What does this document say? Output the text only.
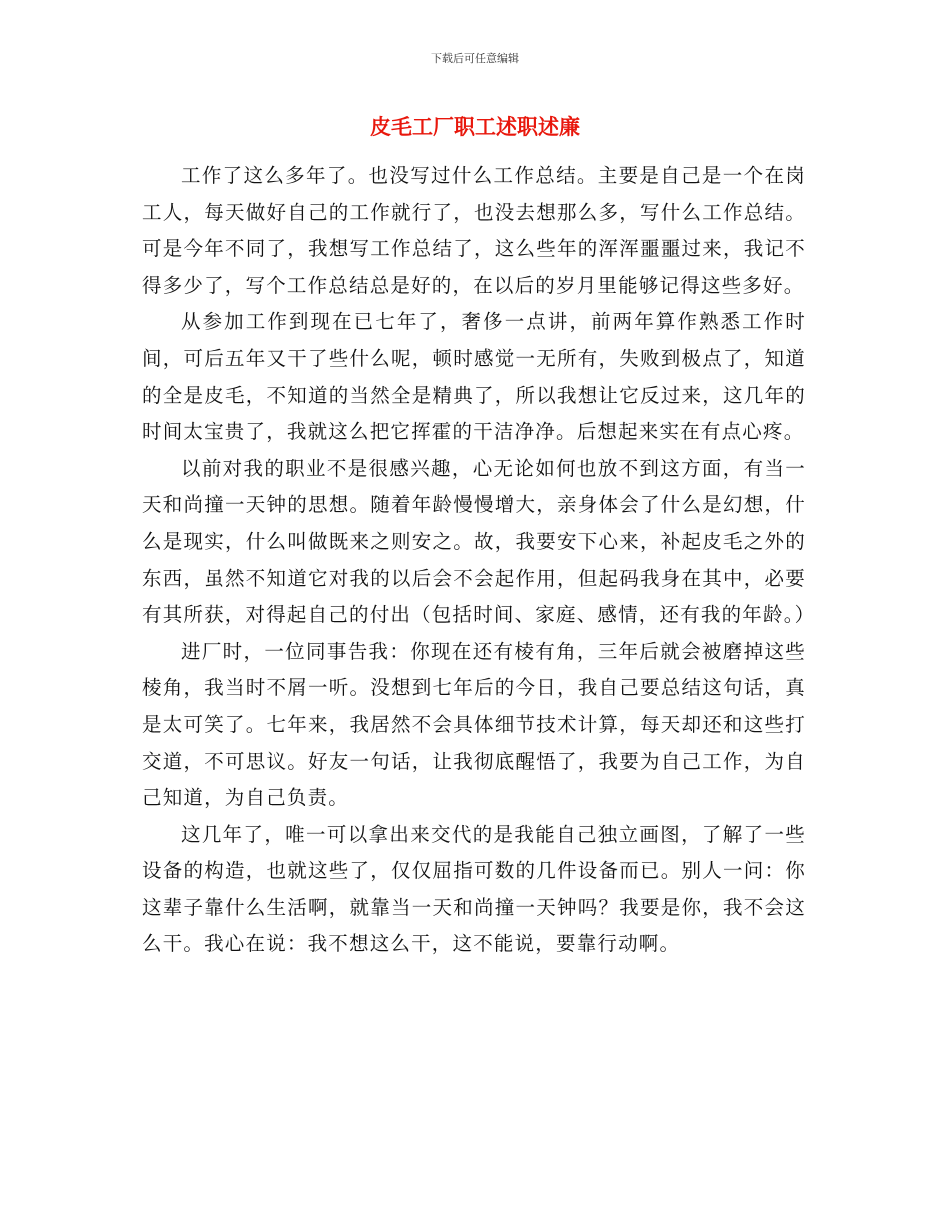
下载后可任意编辑
皮毛工厂职工述职述廉

工作了这么多年了。也没写过什么工作总结。主要是自己是一个在岗工人，每天做好自己的工作就行了，也没去想那么多，写什么工作总结。可是今年不同了，我想写工作总结了，这么些年的浑浑噩噩过来，我记不得多少了，写个工作总结总是好的，在以后的岁月里能够记得这些多好。

从参加工作到现在已七年了，奢侈一点讲，前两年算作熟悉工作时间，可后五年又干了些什么呢，顿时感觉一无所有，失败到极点了，知道的全是皮毛，不知道的当然全是精典了，所以我想让它反过来，这几年的时间太宝贵了，我就这么把它挥霍的干洁净净。后想起来实在有点心疼。

以前对我的职业不是很感兴趣，心无论如何也放不到这方面，有当一天和尚撞一天钟的思想。随着年龄慢慢增大，亲身体会了什么是幻想，什么是现实，什么叫做既来之则安之。故，我要安下心来，补起皮毛之外的东西，虽然不知道它对我的以后会不会起作用，但起码我身在其中，必要有其所获，对得起自己的付出（包括时间、家庭、感情，还有我的年龄。）

进厂时，一位同事告我：你现在还有棱有角，三年后就会被磨掉这些棱角，我当时不屑一听。没想到七年后的今日，我自己要总结这句话，真是太可笑了。七年来，我居然不会具体细节技术计算，每天却还和这些打交道，不可思议。好友一句话，让我彻底醒悟了，我要为自己工作，为自己知道，为自己负责。

这几年了，唯一可以拿出来交代的是我能自己独立画图，了解了一些设备的构造，也就这些了，仅仅屈指可数的几件设备而已。别人一问：你这辈子靠什么生活啊，就靠当一天和尚撞一天钟吗？我要是你，我不会这么干。我心在说：我不想这么干，这不能说，要靠行动啊。
